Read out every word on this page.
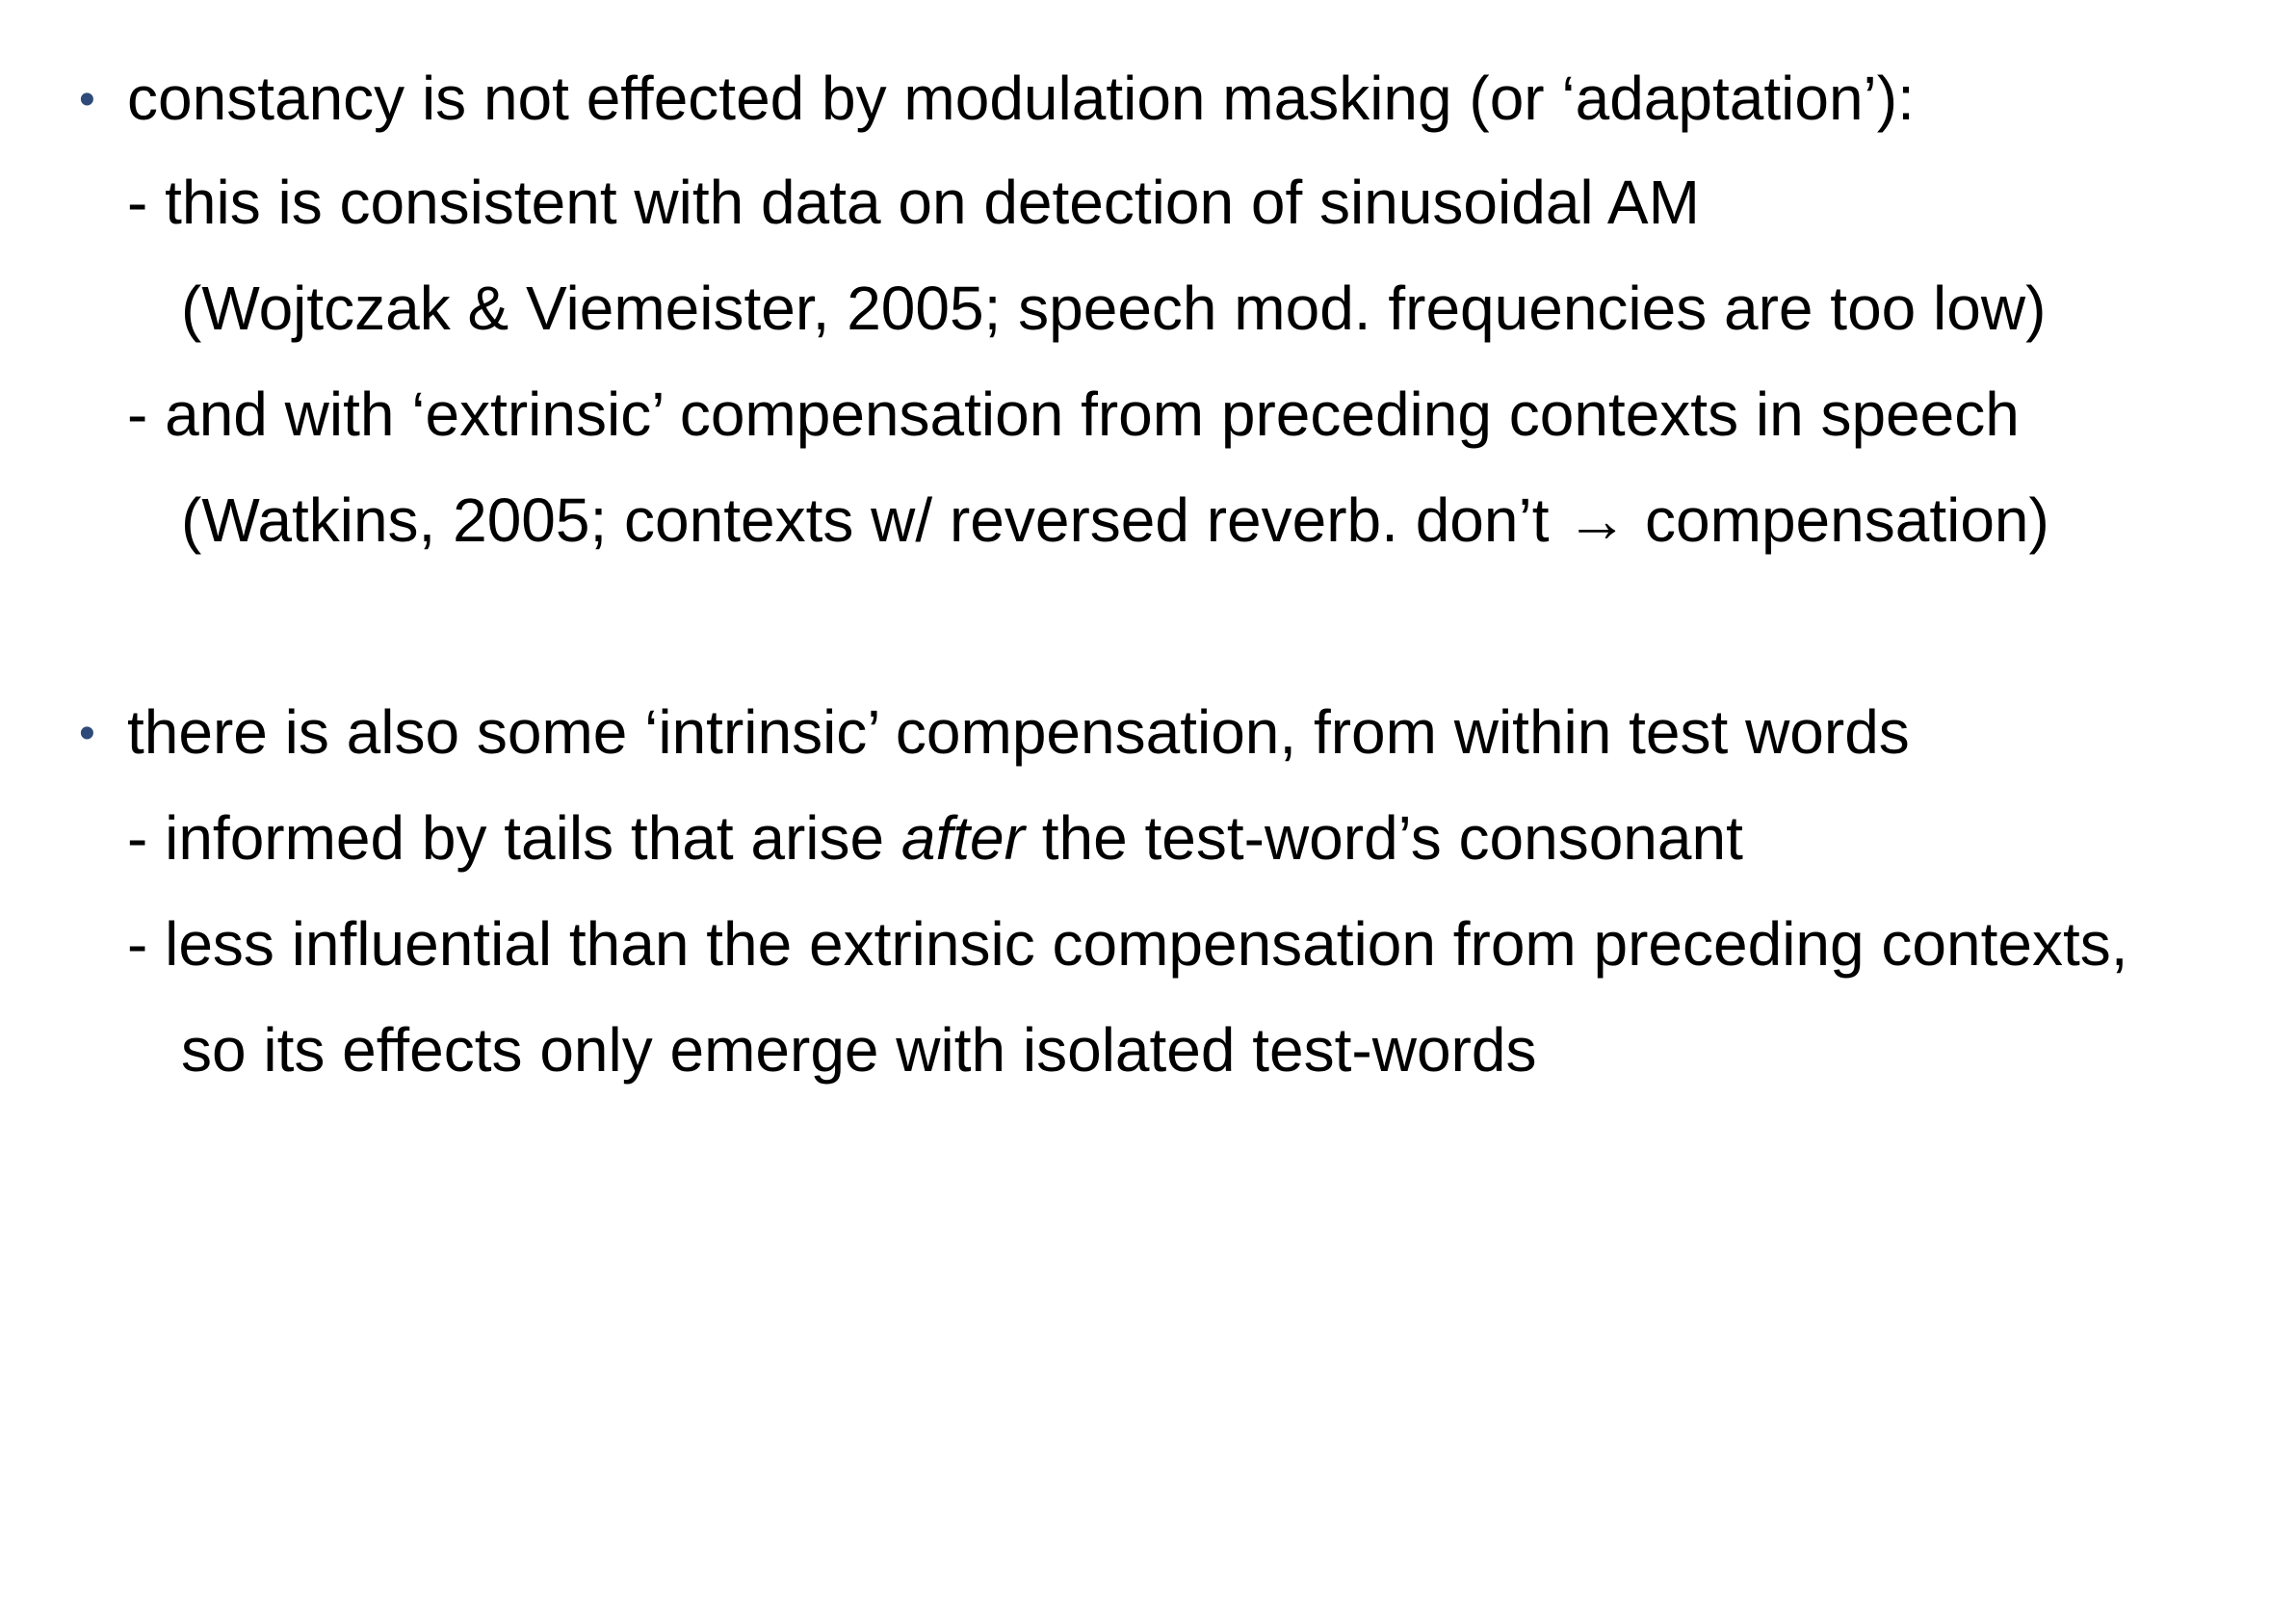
• constancy is not effected by modulation masking (or ‘adaptation’):
- this is consistent with data on detection of sinusoidal AM
(Wojtczak & Viemeister, 2005; speech mod. frequencies are too low)
- and with ‘extrinsic’ compensation from preceding contexts in speech
(Watkins, 2005; contexts w/ reversed reverb. don’t → compensation)
• there is also some ‘intrinsic’ compensation, from within test words
- informed by tails that arise after the test-word’s consonant
- less influential than the extrinsic compensation from preceding contexts,
so its effects only emerge with isolated test-words
